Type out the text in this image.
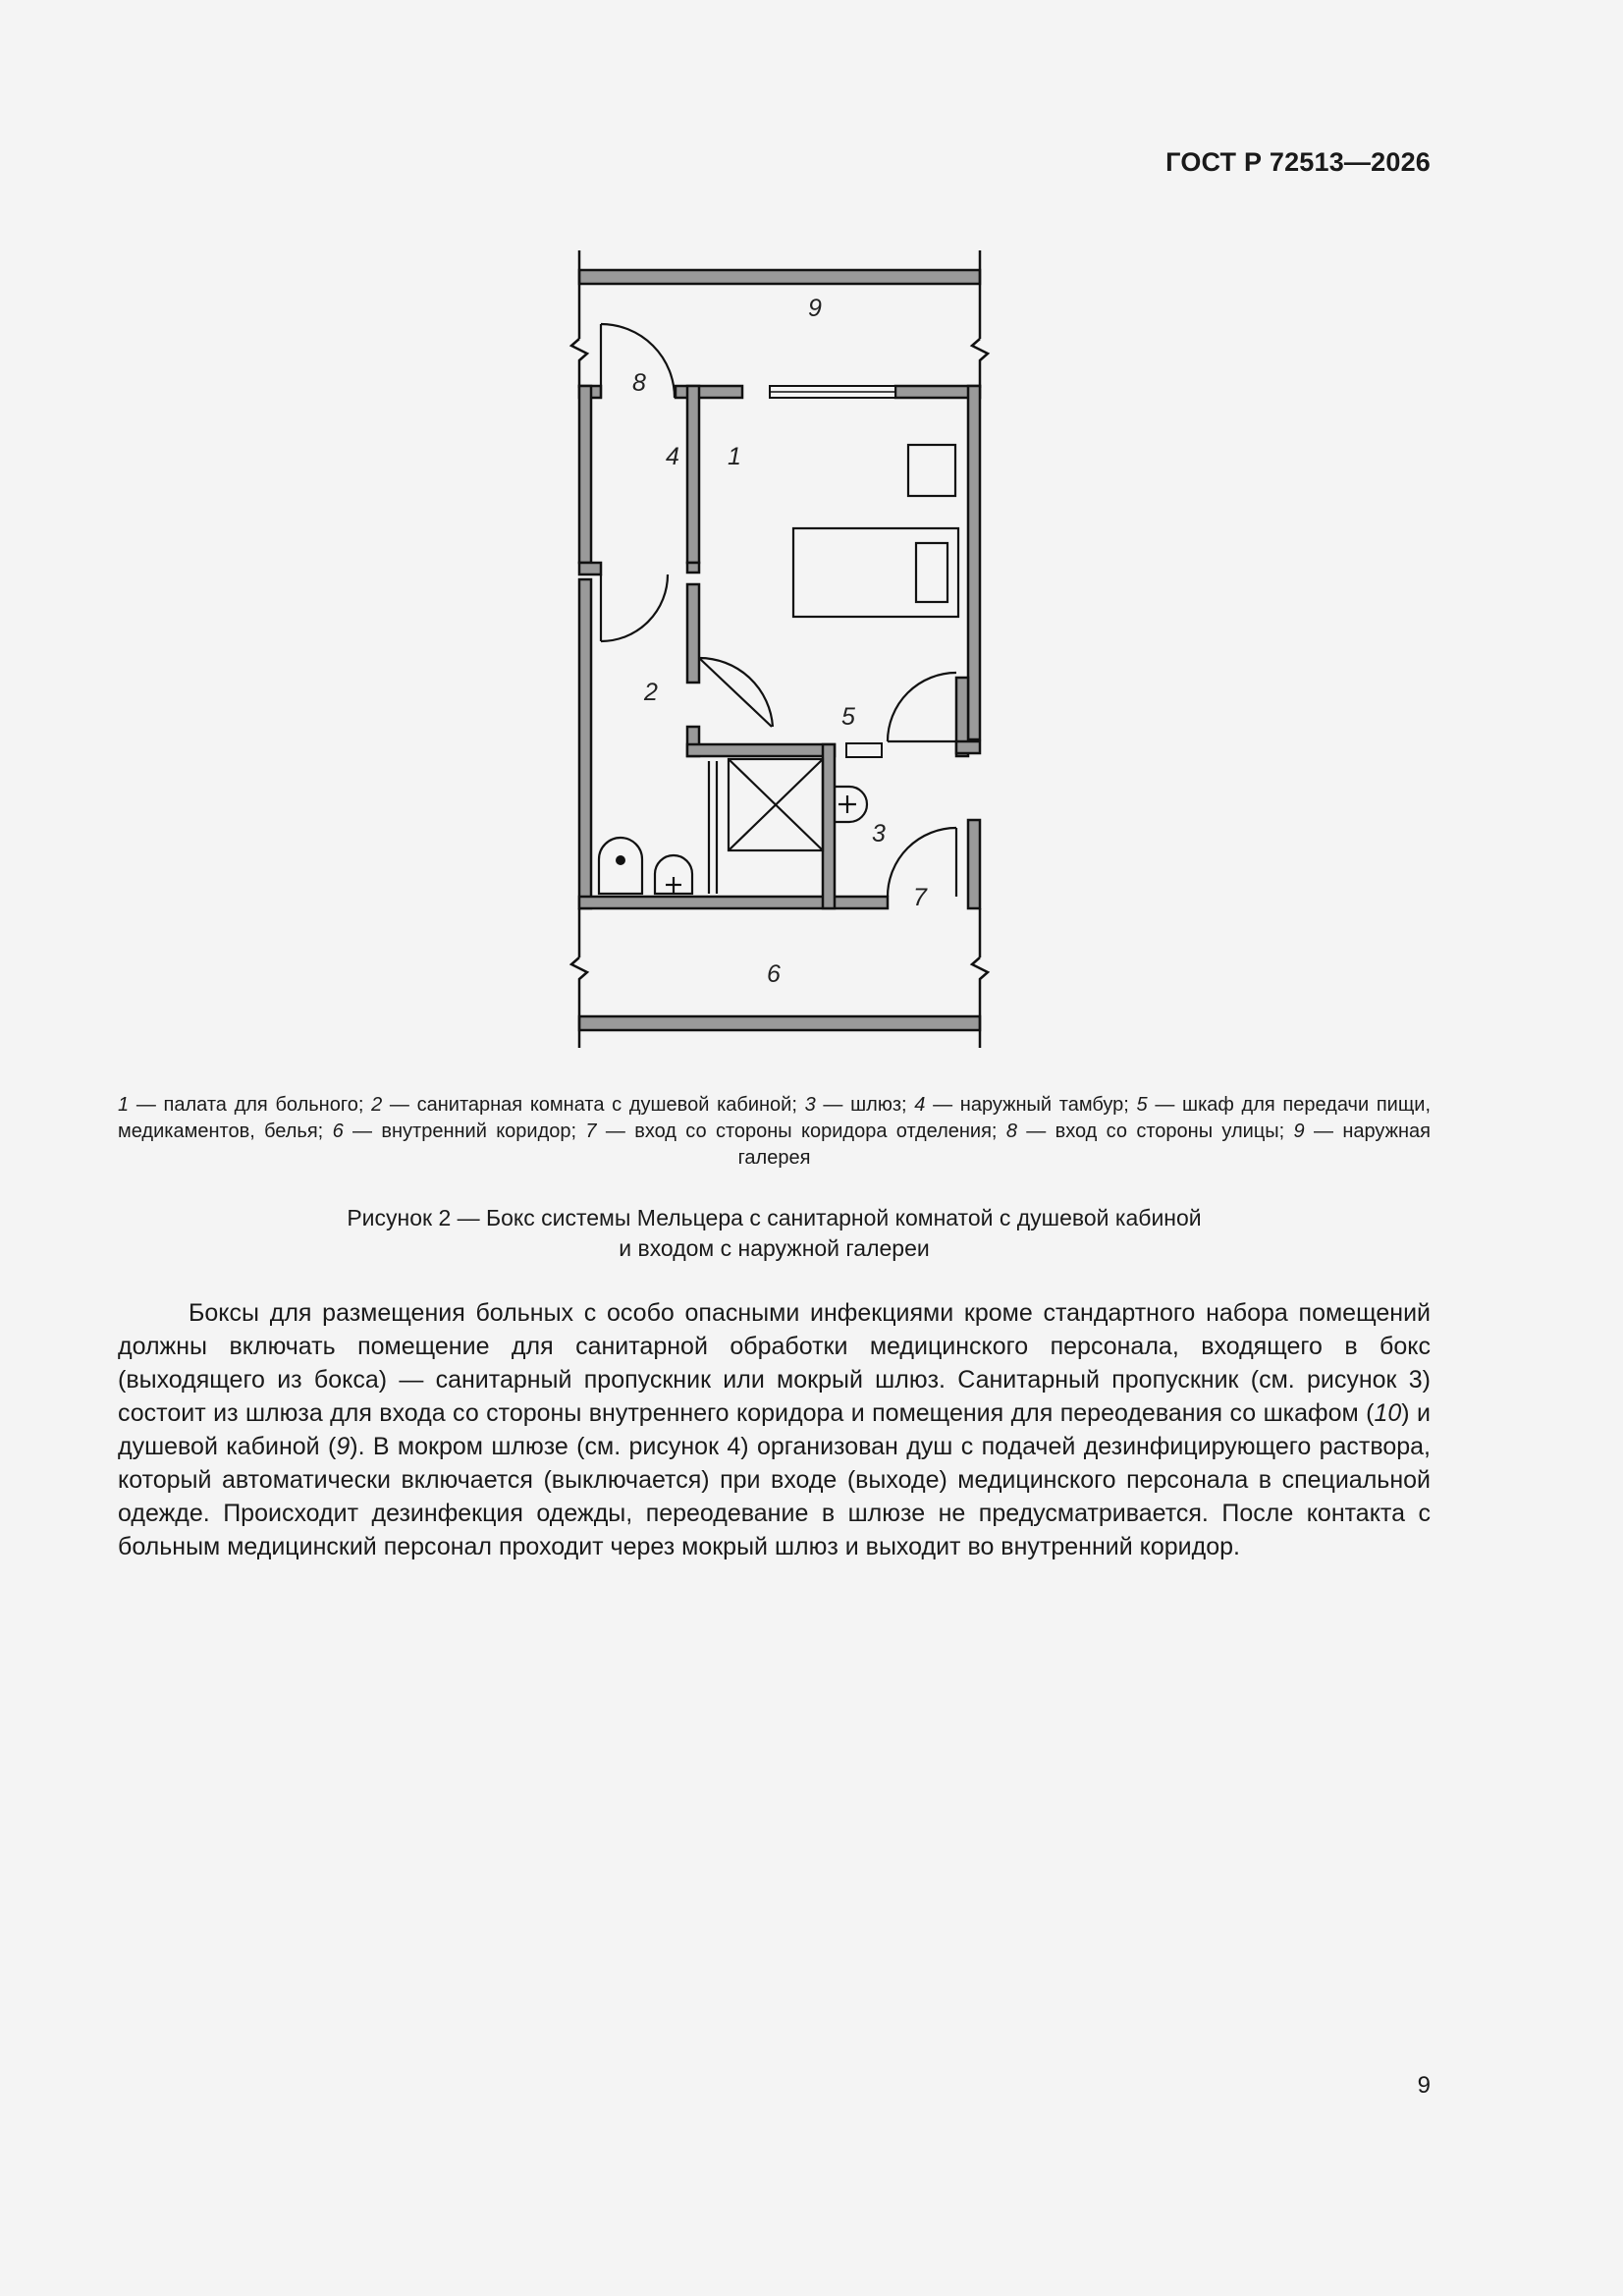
ГОСТ Р 72513—2026
9
8
4 1
2
5
3
7
6
1 — палата для больного; 2 — санитарная комната с душевой кабиной; 3 — шлюз; 4 — наружный тамбур; 5 — шкаф для передачи пищи, медикаментов, белья; 6 — внутренний коридор; 7 — вход со стороны коридора отделения; 8 — вход со стороны улицы; 9 — наружная галерея
Рисунок 2 — Бокс системы Мельцера с санитарной комнатой с душевой кабиной
и входом с наружной галереи

Боксы для размещения больных с особо опасными инфекциями кроме стандартного набора помещений должны включать помещение для санитарной обработки медицинского персонала, входящего в бокс (выходящего из бокса) — санитарный пропускник или мокрый шлюз. Санитарный пропускник (см. рисунок 3) состоит из шлюза для входа со стороны внутреннего коридора и помещения для переодевания со шкафом (10) и душевой кабиной (9). В мокром шлюзе (см. рисунок 4) организован душ с подачей дезинфицирующего раствора, который автоматически включается (выключается) при входе (выходе) медицинского персонала в специальной одежде. Происходит дезинфекция одежды, переодевание в шлюзе не предусматривается. После контакта с больным медицинский персонал проходит через мокрый шлюз и выходит во внутренний коридор.

9
